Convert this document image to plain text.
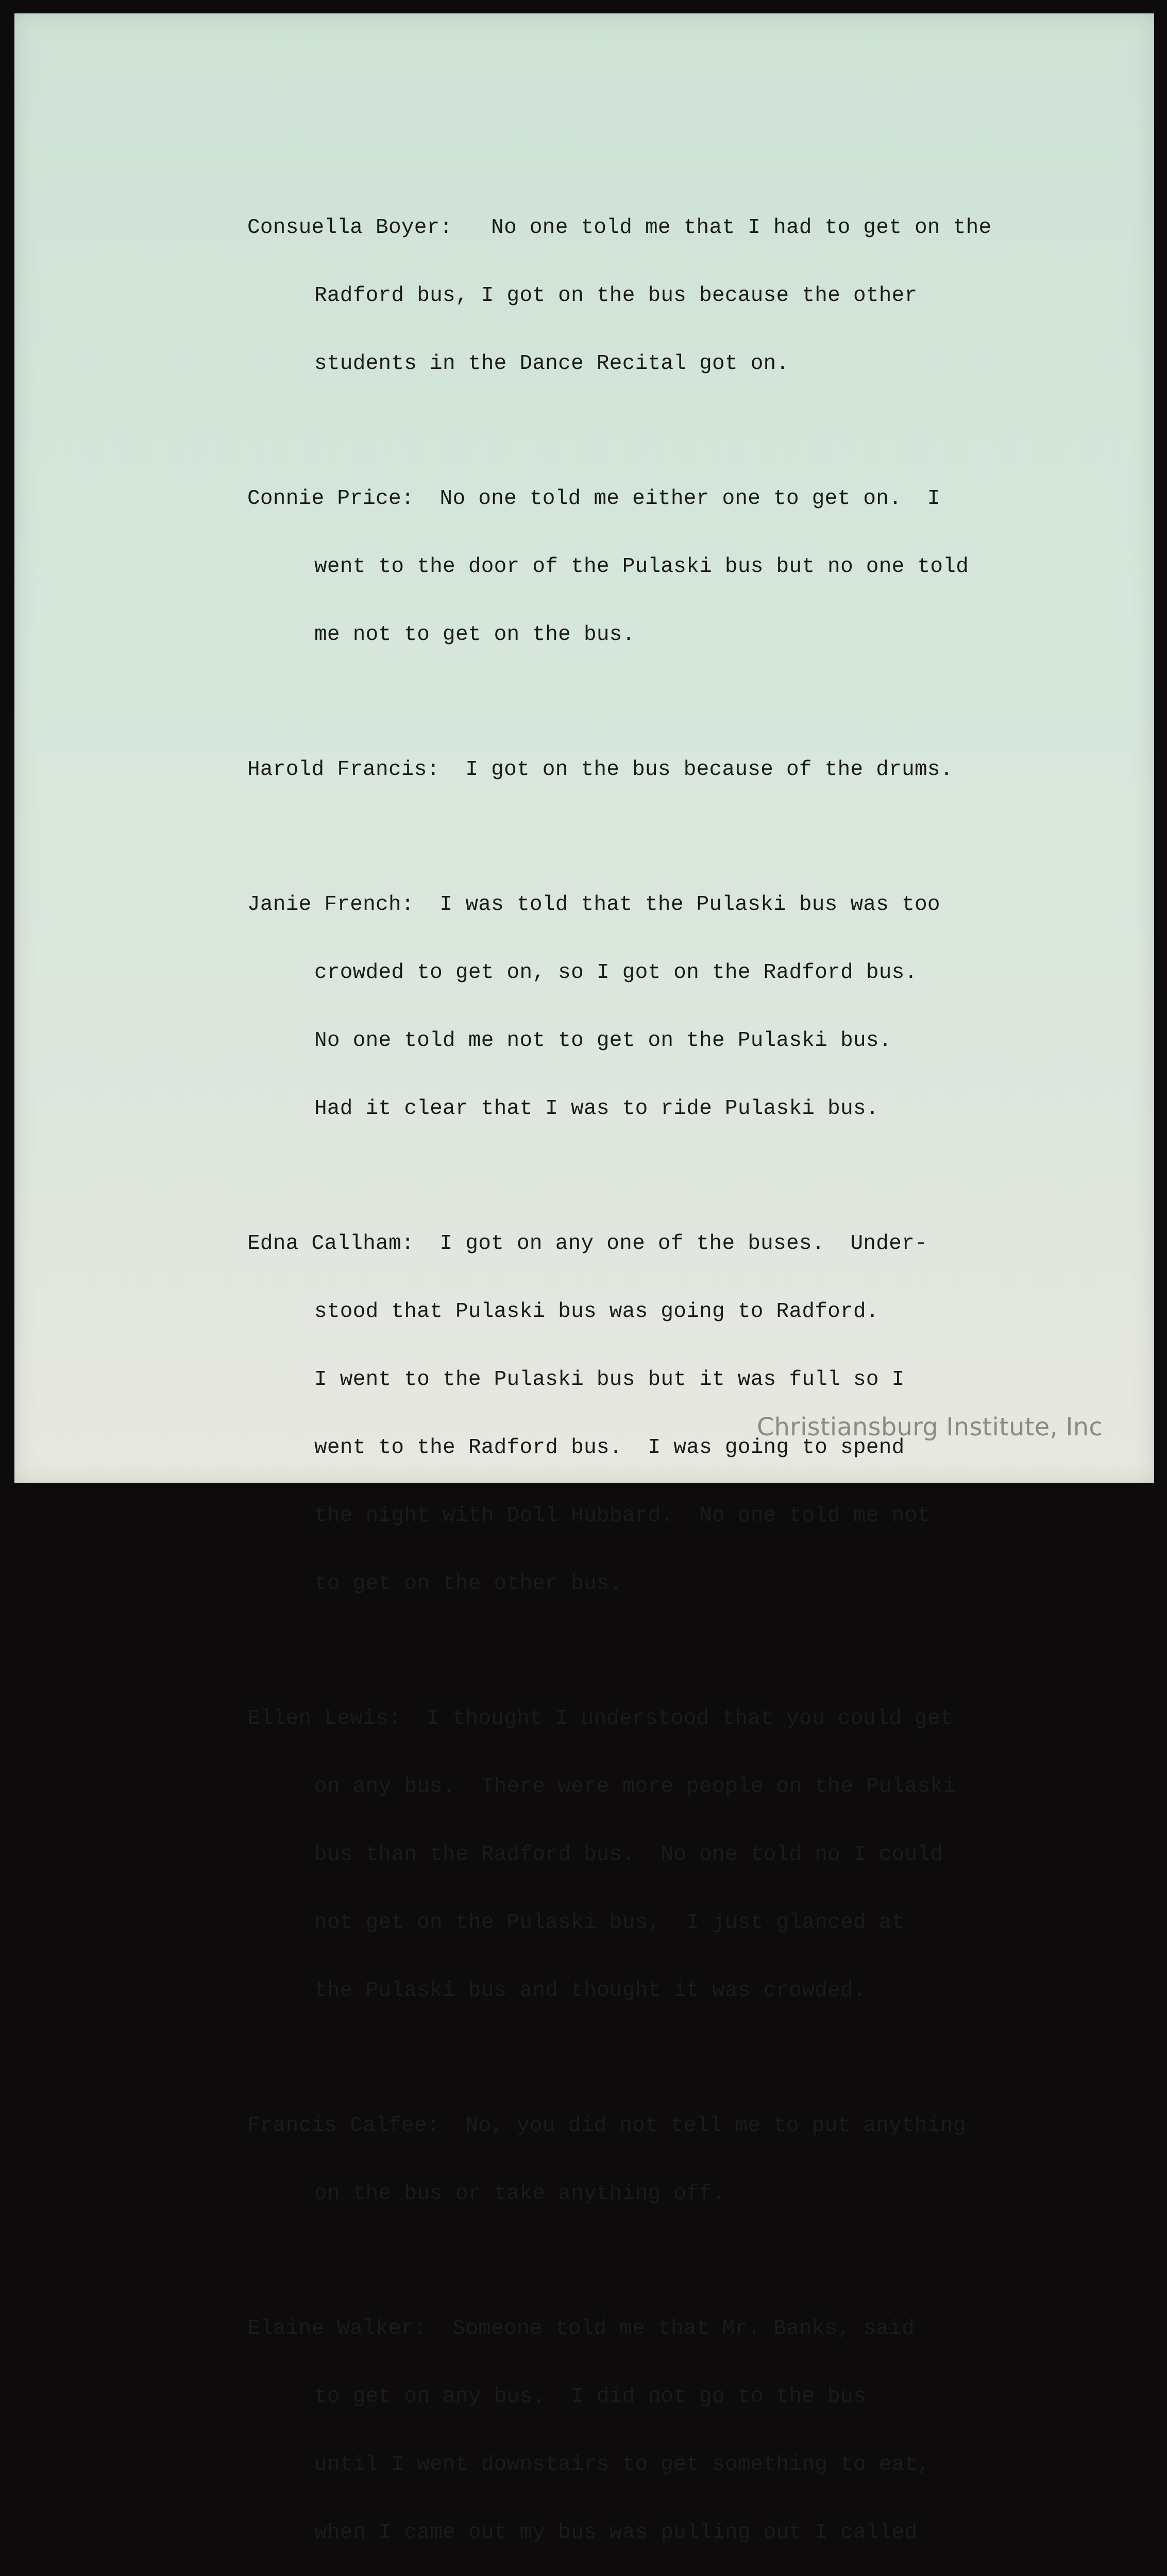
Consuella Boyer:   No one told me that I had to get on the

Radford bus, I got on the bus because the other

students in the Dance Recital got on.

Connie Price:  No one told me either one to get on.  I

went to the door of the Pulaski bus but no one told

me not to get on the bus.

Harold Francis:  I got on the bus because of the drums.

Janie French:  I was told that the Pulaski bus was too

crowded to get on, so I got on the Radford bus.

No one told me not to get on the Pulaski bus.

Had it clear that I was to ride Pulaski bus.

Edna Callham:  I got on any one of the buses.  Under-

stood that Pulaski bus was going to Radford.

I went to the Pulaski bus but it was full so I

went to the Radford bus.  I was going to spend

the night with Doll Hubbard.  No one told me not

to get on the other bus.

Ellen Lewis:  I thought I understood that you could get

on any bus.  There were more people on the Pulaski

bus than the Radford bus.  No one told no I could

not get on the Pulaski bus,  I just glanced at

the Pulaski bus and thought it was crowded.

Francis Calfee:  No, you did not tell me to put anything

on the bus or take anything off.

Elaine Walker:  Someone told me that Mr. Banks, said

to get on any bus.  I did not go to the bus

until I went downstairs to get something to eat,

when I came out my bus was pulling out I called

Christiansburg Institute, Inc
